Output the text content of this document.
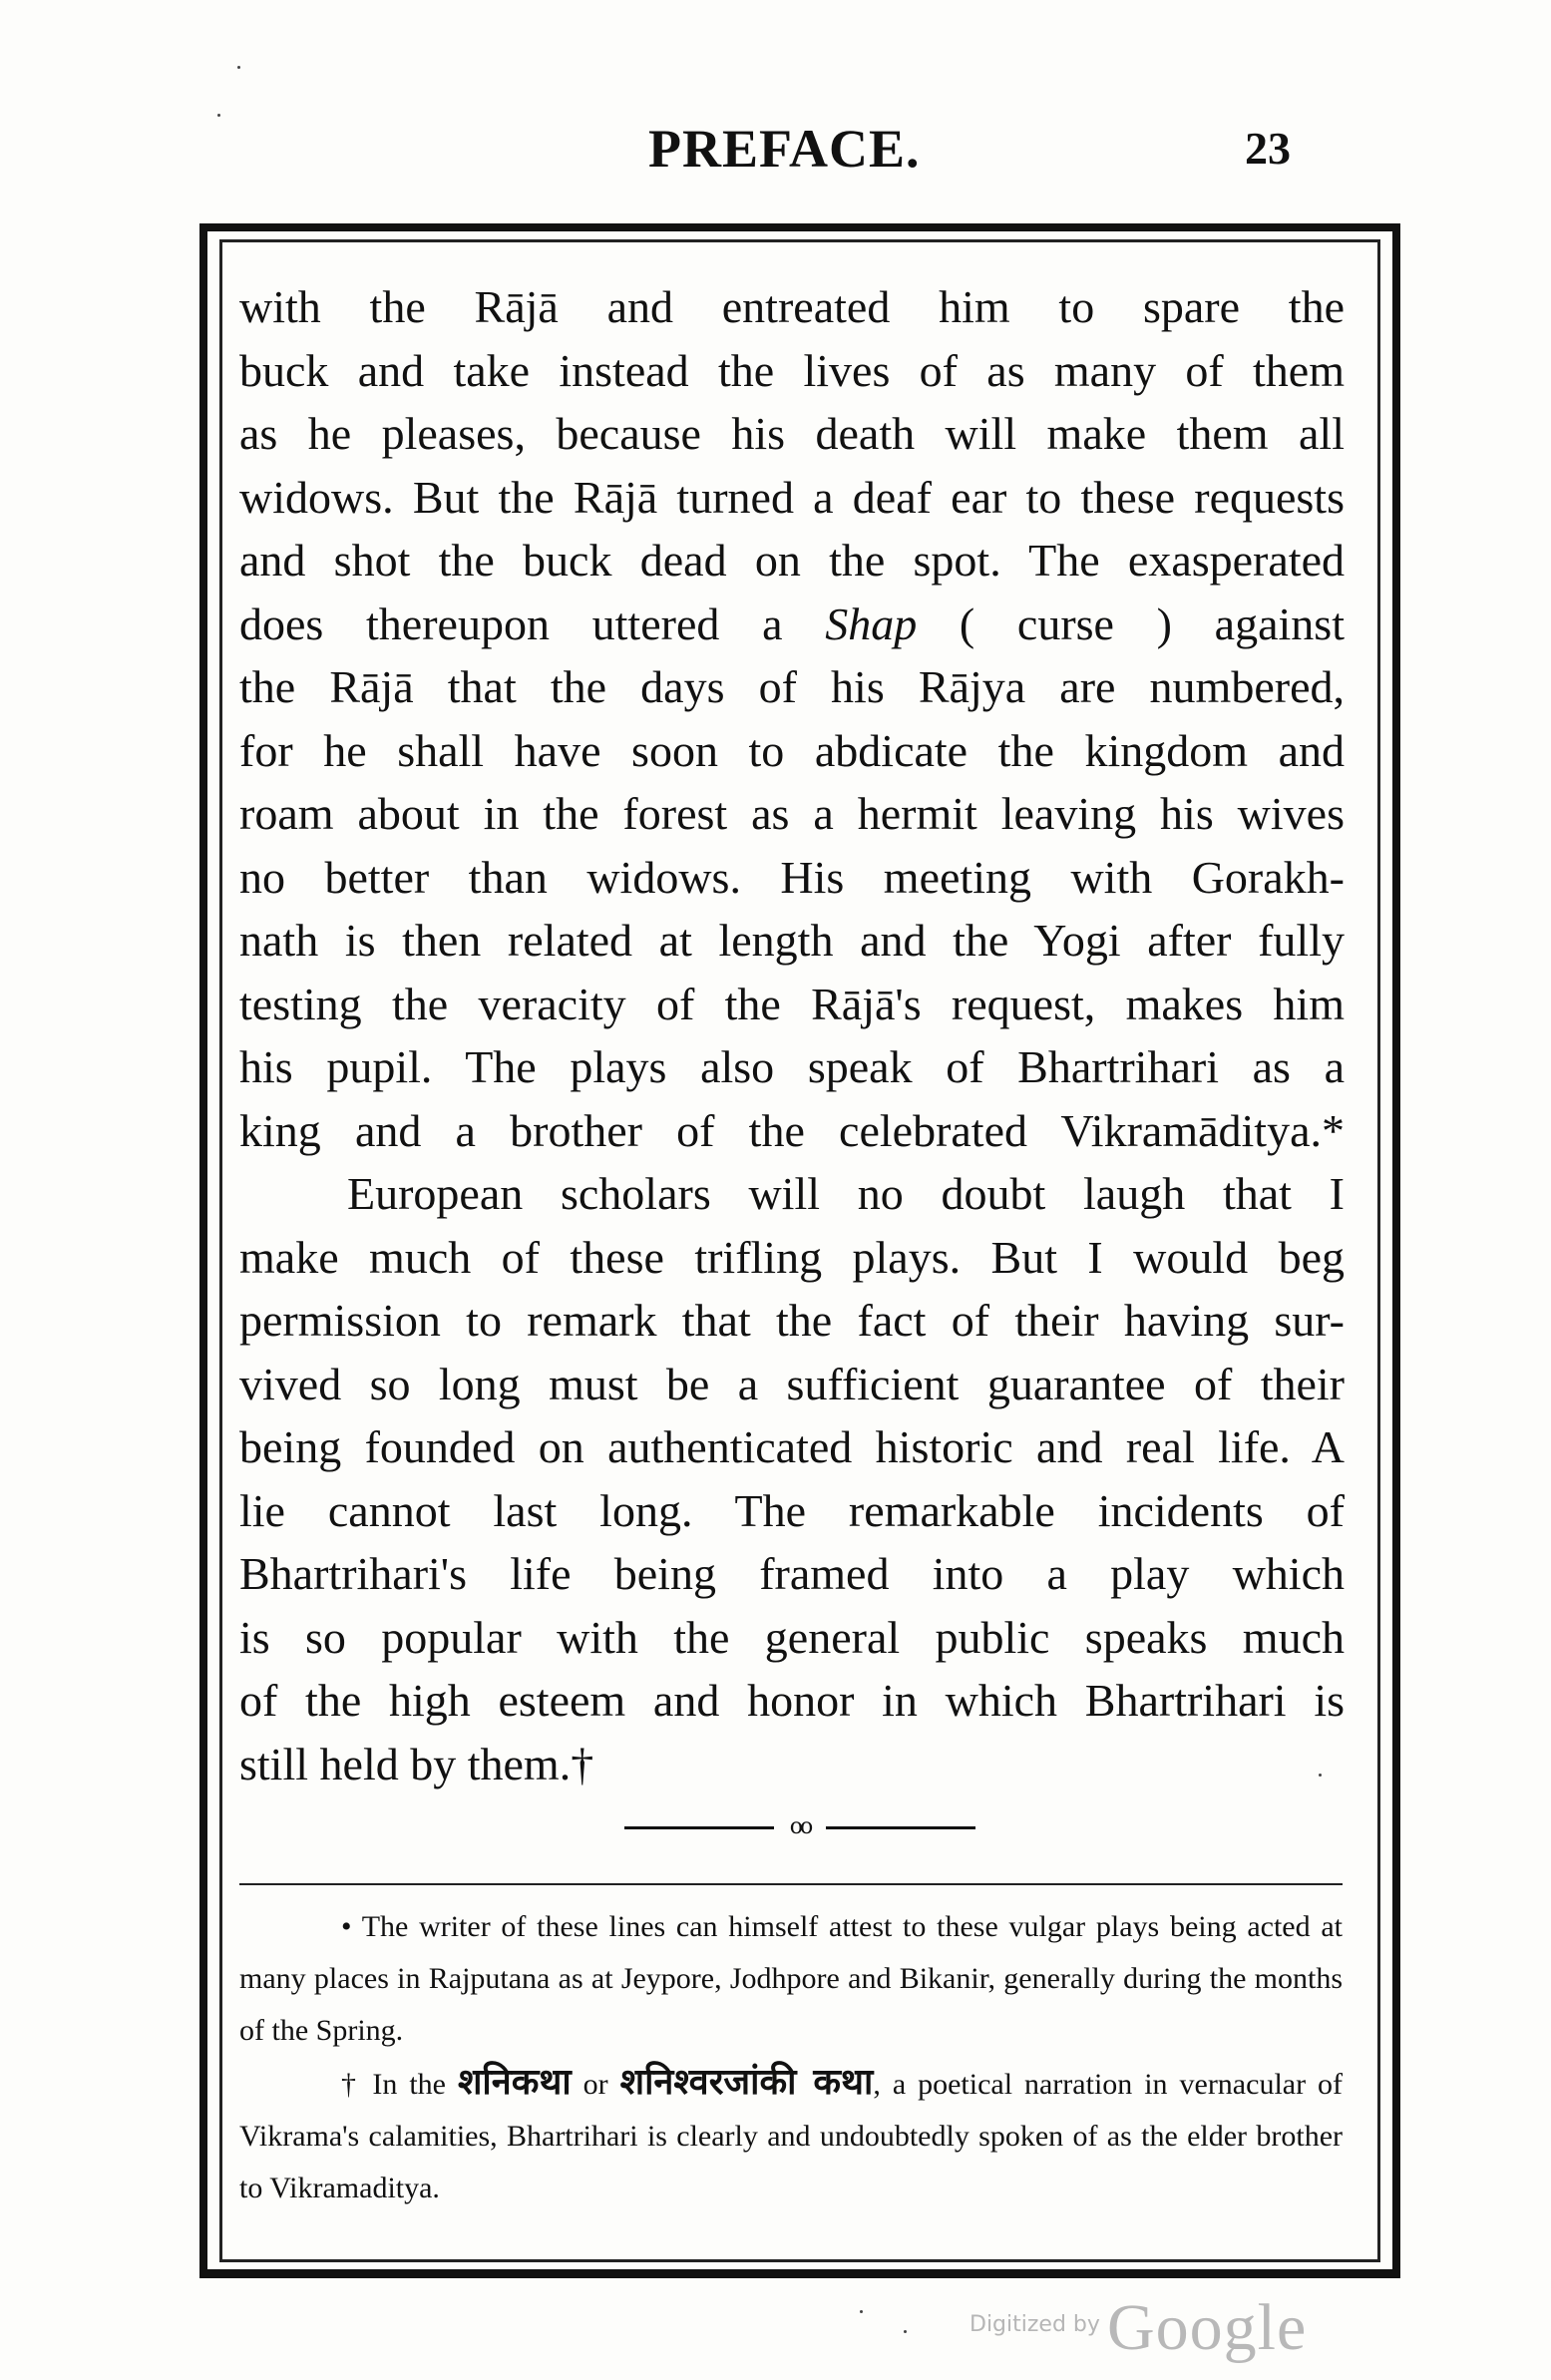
PREFACE.	23

with the Rājā and entreated him to spare the

buck and take instead the lives of as many of them

as he pleases, because his death will make them all

widows. But the Rājā turned a deaf ear to these requests

and shot the buck dead on the spot. The exasperated

does thereupon uttered a Shap ( curse ) against

the Rājā that the days of his Rājya are numbered,

for he shall have soon to abdicate the kingdom and

roam about in the forest as a hermit leaving his wives

no better than widows. His meeting with Gorakh-

nath is then related at length and the Yogi after fully

testing the veracity of the Rājā's request, makes him

his pupil. The plays also speak of Bhartrihari as a

king and a brother of the celebrated Vikramāditya.*

European scholars will no doubt laugh that I

make much of these trifling plays. But I would beg

permission to remark that the fact of their having sur-

vived so long must be a sufficient guarantee of their

being founded on authenticated historic and real life. A

lie cannot last long. The remarkable incidents of

Bhartrihari's life being framed into a play which

is so popular with the general public speaks much

of the high esteem and honor in which Bhartrihari is

still held by them.†

oo

• The writer of these lines can himself attest to these vulgar plays being acted at many places in Rajputana as at Jeypore, Jodhpore and Bikanir, generally during the months of the Spring.

† In the शनिकथा or शनिश्वरजांकी कथा, a poetical narration in vernacular of Vikrama's calamities, Bhartrihari is clearly and undoubtedly spoken of as the elder brother to Vikramaditya.

Digitized by Google
